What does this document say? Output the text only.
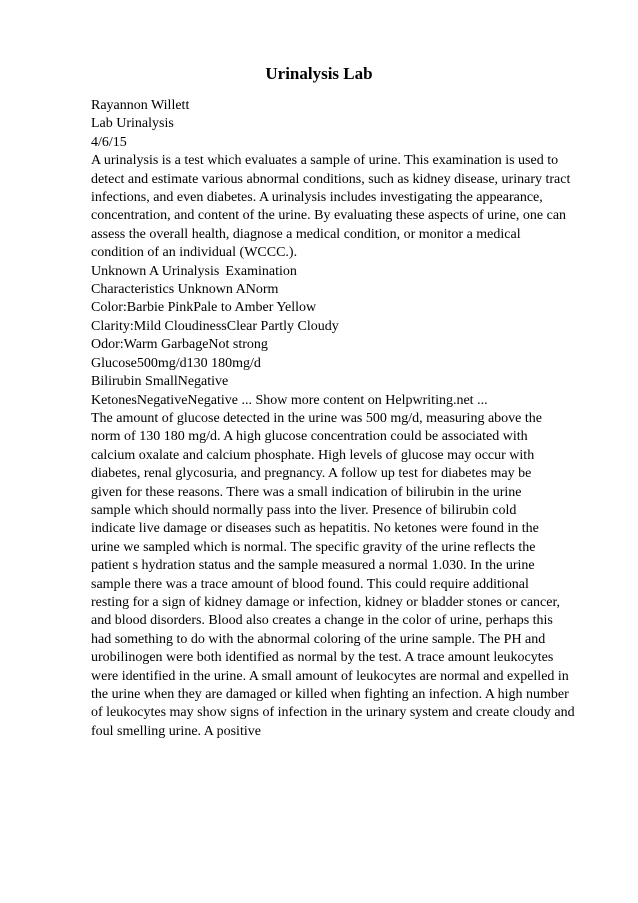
Urinalysis Lab
Rayannon Willett
Lab Urinalysis
4/6/15
A urinalysis is a test which evaluates a sample of urine. This examination is used to
detect and estimate various abnormal conditions, such as kidney disease, urinary tract
infections, and even diabetes. A urinalysis includes investigating the appearance,
concentration, and content of the urine. By evaluating these aspects of urine, one can
assess the overall health, diagnose a medical condition, or monitor a medical
condition of an individual (WCCC.).
Unknown A Urinalysis Examination
Characteristics Unknown ANorm
Color:Barbie PinkPale to Amber Yellow
Clarity:Mild CloudinessClear Partly Cloudy
Odor:Warm GarbageNot strong
Glucose500mg/d130 180mg/d
Bilirubin SmallNegative
KetonesNegativeNegative ... Show more content on Helpwriting.net ...
The amount of glucose detected in the urine was 500 mg/d, measuring above the
norm of 130 180 mg/d. A high glucose concentration could be associated with
calcium oxalate and calcium phosphate. High levels of glucose may occur with
diabetes, renal glycosuria, and pregnancy. A follow up test for diabetes may be
given for these reasons. There was a small indication of bilirubin in the urine
sample which should normally pass into the liver. Presence of bilirubin cold
indicate live damage or diseases such as hepatitis. No ketones were found in the
urine we sampled which is normal. The specific gravity of the urine reflects the
patient s hydration status and the sample measured a normal 1.030. In the urine
sample there was a trace amount of blood found. This could require additional
resting for a sign of kidney damage or infection, kidney or bladder stones or cancer,
and blood disorders. Blood also creates a change in the color of urine, perhaps this
had something to do with the abnormal coloring of the urine sample. The PH and
urobilinogen were both identified as normal by the test. A trace amount leukocytes
were identified in the urine. A small amount of leukocytes are normal and expelled in
the urine when they are damaged or killed when fighting an infection. A high number
of leukocytes may show signs of infection in the urinary system and create cloudy and
foul smelling urine. A positive
